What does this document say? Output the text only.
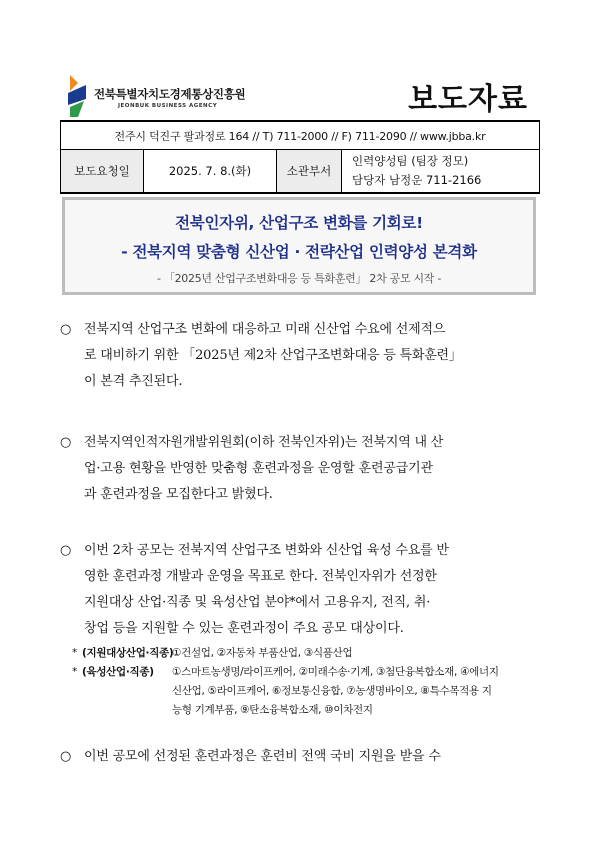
전북특별자치도경제통상진흥원
JEONBUK BUSINESS AGENCY	보도자료
전주시 덕진구 팔과정로 164 // T) 711-2000 // F) 711-2090 // www.jbba.kr
보도요청일	2025. 7. 8.(화)	소관부서	인력양성팀 (팀장 정모)
담당자 남정운 711-2166
전북인자위, 산업구조 변화를 기회로!
- 전북지역 맞춤형 신산업 · 전략산업 인력양성 본격화
- 「2025년 산업구조변화대응 등 특화훈련」 2차 공모 시작 -
○ 전북지역 산업구조 변화에 대응하고 미래 신산업 수요에 선제적으
로 대비하기 위한 「2025년 제2차 산업구조변화대응 등 특화훈련」
이 본격 추진된다.
○ 전북지역인적자원개발위원회(이하 전북인자위)는 전북지역 내 산
업·고용 현황을 반영한 맞춤형 훈련과정을 운영할 훈련공급기관
과 훈련과정을 모집한다고 밝혔다.
○ 이번 2차 공모는 전북지역 산업구조 변화와 신산업 육성 수요를 반
영한 훈련과정 개발과 운영을 목표로 한다. 전북인자위가 선정한
지원대상 산업·직종 및 육성산업 분야*에서 고용유지, 전직, 취·
창업 등을 지원할 수 있는 훈련과정이 주요 공모 대상이다.
* (지원대상산업·직종)
①건설업, ②자동차 부품산업, ③식품산업
* (육성산업·직종) ①스마트농생명/라이프케어, ②미래수송·기계, ③첨단융복합소재, ④에너지
신산업, ⑤라이프케어, ⑥정보통신융합, ⑦농생명바이오, ⑧특수목적용 지
능형 기계부품, ⑨탄소융복합소재, ⑩이차전지
○ 이번 공모에 선정된 훈련과정은 훈련비 전액 국비 지원을 받을 수
